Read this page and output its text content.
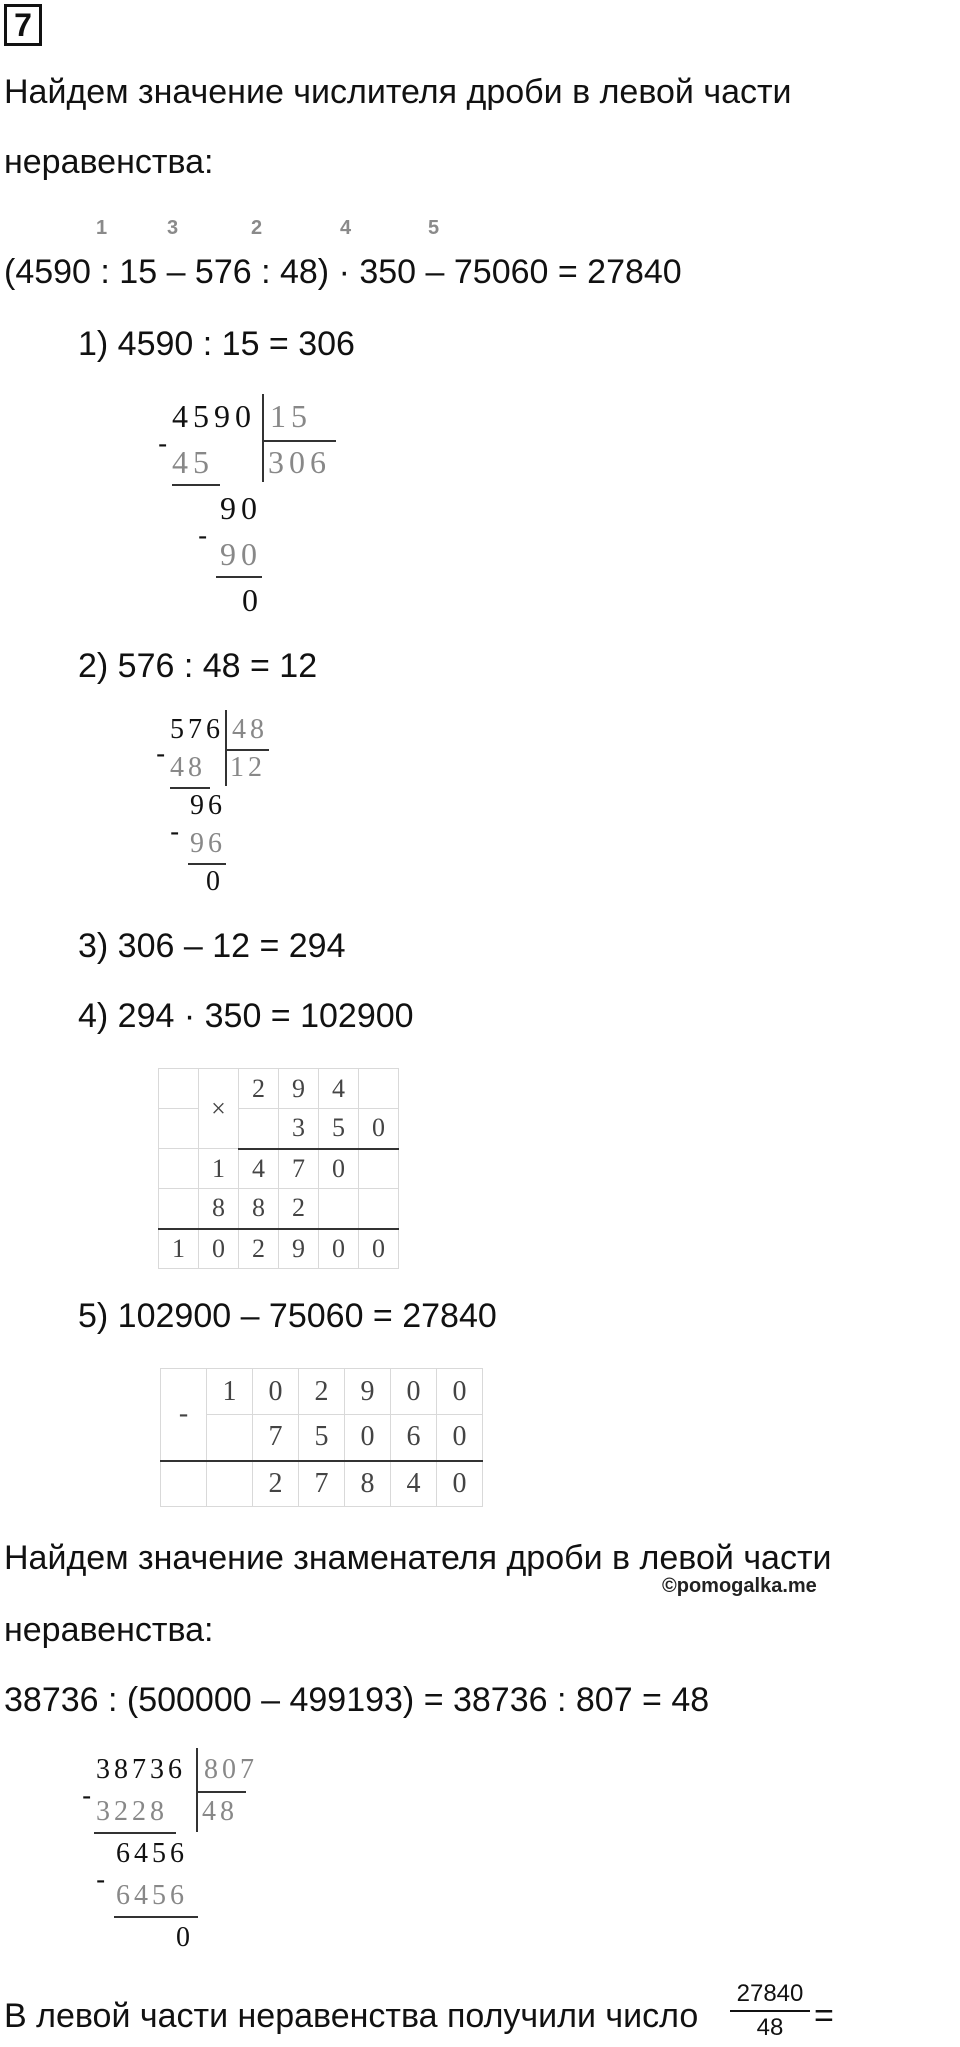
7
Найдем значение числителя дроби в левой части
неравенства:
1	3	2	4	5
(4590 : 15 – 576 : 48) · 350 – 75060 = 27840
1) 4590 : 15 = 306
4590 15
306
-
45
90
-
90
0
2) 576 : 48 = 12
576 48
12
- 48
96
- 96
0
3) 306 – 12 = 294
4) 294 · 350 = 102900
	×	2	9	4	
			3	5	0
	1	4	7	0	
	8	8	2		
1	0	2	9	0	0
5) 102900 – 75060 = 27840
-	1	0	2	9	0	0
		7	5	0	6	0
		2	7	8	4	0
Найдем значение знаменателя дроби в левой части
©pomogalka.me
неравенства:
38736 : (500000 – 499193) = 38736 : 807 = 48
38736 807
48
-
3228
6456
-
6456
0
В левой части неравенства получили число
27840
48 =
